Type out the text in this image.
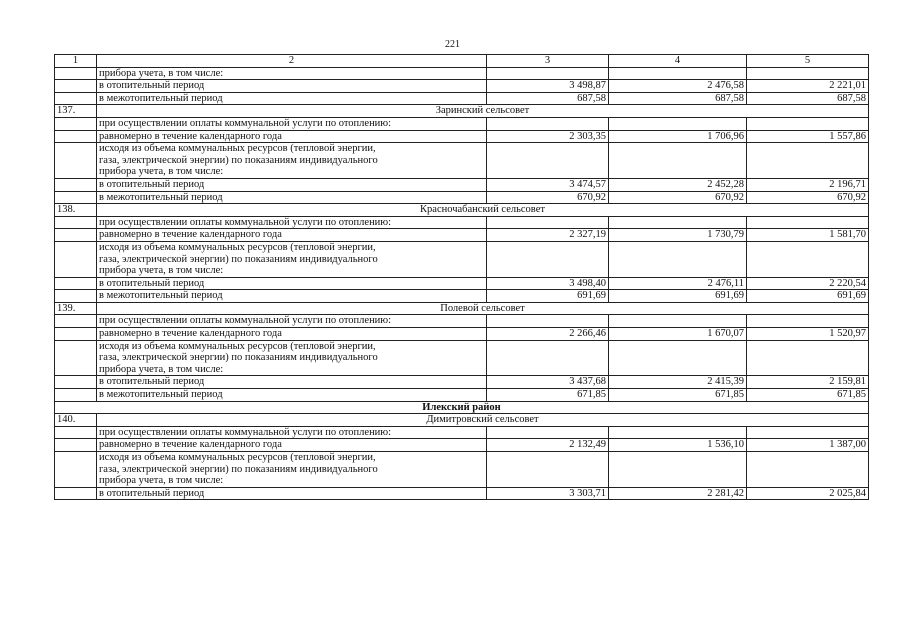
221
1	2	3	4	5
	прибора учета, в том числе:			
	в отопительный период	3 498,87	2 476,58	2 221,01
	в межотопительный период	687,58	687,58	687,58
137.	Заринский сельсовет			
	при осуществлении оплаты коммунальной услуги по отоплению:			
	равномерно в течение календарного года	2 303,35	1 706,96	1 557,86

	исходя из объема коммунальных ресурсов (тепловой энергии,
газа, электрической энергии) по показаниям индивидуального
прибора учета, в том числе:			

	в отопительный период	3 474,57	2 452,28	2 196,71
	в межотопительный период	670,92	670,92	670,92
138.	Красночабанский сельсовет			
	при осуществлении оплаты коммунальной услуги по отоплению:			
	равномерно в течение календарного года	2 327,19	1 730,79	1 581,70

	исходя из объема коммунальных ресурсов (тепловой энергии,
газа, электрической энергии) по показаниям индивидуального
прибора учета, в том числе:			

	в отопительный период	3 498,40	2 476,11	2 220,54
	в межотопительный период	691,69	691,69	691,69
139.	Полевой сельсовет			
	при осуществлении оплаты коммунальной услуги по отоплению:			
	равномерно в течение календарного года	2 266,46	1 670,07	1 520,97

	исходя из объема коммунальных ресурсов (тепловой энергии,
газа, электрической энергии) по показаниям индивидуального
прибора учета, в том числе:			

	в отопительный период	3 437,68	2 415,39	2 159,81
	в межотопительный период	671,85	671,85	671,85
Илекский район				
140.	Димитровский сельсовет			
	при осуществлении оплаты коммунальной услуги по отоплению:			
	равномерно в течение календарного года	2 132,49	1 536,10	1 387,00

	исходя из объема коммунальных ресурсов (тепловой энергии,
газа, электрической энергии) по показаниям индивидуального
прибора учета, в том числе:			

	в отопительный период	3 303,71	2 281,42	2 025,84
